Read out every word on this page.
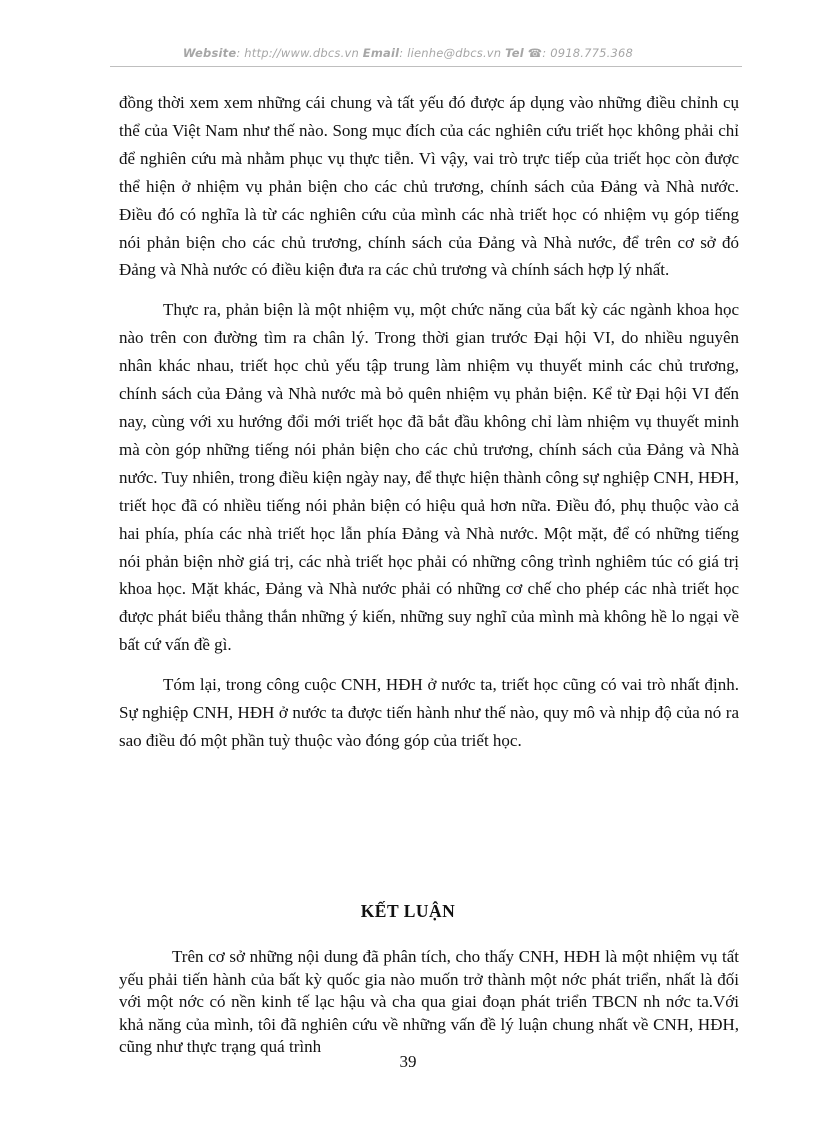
Website: http://www.dbcs.vn Email: lienhe@dbcs.vn Tel ☎: 0918.775.368

đồng thời xem xem những cái chung và tất yếu đó được áp dụng vào những điều chỉnh cụ thể của Việt Nam như thế nào. Song mục đích của các nghiên cứu triết học không phải chỉ để nghiên cứu mà nhằm phục vụ thực tiễn. Vì vậy, vai trò trực tiếp của triết học còn được thể hiện ở nhiệm vụ phản biện cho các chủ trương, chính sách của Đảng và Nhà nước. Điều đó có nghĩa là từ các nghiên cứu của mình các nhà triết học có nhiệm vụ góp tiếng nói phản biện cho các chủ trương, chính sách của Đảng và Nhà nước, để trên cơ sở đó Đảng và Nhà nước có điều kiện đưa ra các chủ trương và chính sách hợp lý nhất.

Thực ra, phản biện là một nhiệm vụ, một chức năng của bất kỳ các ngành khoa học nào trên con đường tìm ra chân lý. Trong thời gian trước Đại hội VI, do nhiều nguyên nhân khác nhau, triết học chủ yếu tập trung làm nhiệm vụ thuyết minh các chủ trương, chính sách của Đảng và Nhà nước mà bỏ quên nhiệm vụ phản biện. Kể từ Đại hội VI đến nay, cùng với xu hướng đổi mới triết học đã bắt đầu không chỉ làm nhiệm vụ thuyết minh mà còn góp những tiếng nói phản biện cho các chủ trương, chính sách của Đảng và Nhà nước. Tuy nhiên, trong điều kiện ngày nay, để thực hiện thành công sự nghiệp CNH, HĐH, triết học đã có nhiều tiếng nói phản biện có hiệu quả hơn nữa. Điều đó, phụ thuộc vào cả hai phía, phía các nhà triết học lẫn phía Đảng và Nhà nước. Một mặt, để có những tiếng nói phản biện nhờ giá trị, các nhà triết học phải có những công trình nghiêm túc có giá trị khoa học. Mặt khác, Đảng và Nhà nước phải có những cơ chế cho phép các nhà triết học được phát biểu thẳng thắn những ý kiến, những suy nghĩ của mình mà không hề lo ngại về bất cứ vấn đề gì.

Tóm lại, trong công cuộc CNH, HĐH ở nước ta, triết học cũng có vai trò nhất định. Sự nghiệp CNH, HĐH ở nước ta được tiến hành như thế nào, quy mô và nhịp độ của nó ra sao điều đó một phần tuỳ thuộc vào đóng góp của triết học.

KẾT LUẬN

Trên cơ sở những nội dung đã phân tích, cho thấy CNH, HĐH là một nhiệm vụ tất yếu phải tiến hành của bất kỳ quốc gia nào muốn trở thành một nớc phát triển, nhất là đối với một nớc có nền kinh tế lạc hậu và cha qua giai đoạn phát triển TBCN nh nớc ta.Với khả năng của mình, tôi đã nghiên cứu về những vấn đề lý luận chung nhất về CNH, HĐH, cũng như thực trạng quá trình

39
